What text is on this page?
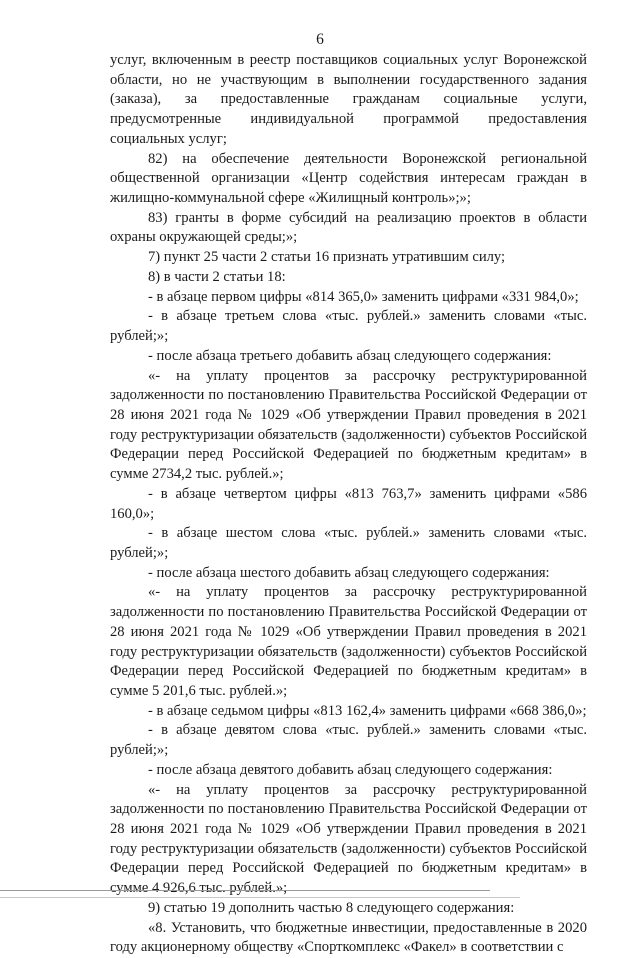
6

услуг, включенным в реестр поставщиков социальных услуг Воронежской области, но не участвующим в выполнении государственного задания (заказа), за предоставленные гражданам социальные услуги, предусмотренные индивидуальной программой предоставления социальных услуг;

82) на обеспечение деятельности Воронежской региональной общественной организации «Центр содействия интересам граждан в жилищно-коммунальной сфере «Жилищный контроль»;»;

83) гранты в форме субсидий на реализацию проектов в области охраны окружающей среды;»;

7) пункт 25 части 2 статьи 16 признать утратившим силу;

8) в части 2 статьи 18:

- в абзаце первом цифры «814 365,0» заменить цифрами «331 984,0»;

- в абзаце третьем слова «тыс. рублей.» заменить словами «тыс. рублей;»;

- после абзаца третьего добавить абзац следующего содержания:

«- на уплату процентов за рассрочку реструктурированной задолженности по постановлению Правительства Российской Федерации от 28 июня 2021 года № 1029 «Об утверждении Правил проведения в 2021 году реструктуризации обязательств (задолженности) субъектов Российской Федерации перед Российской Федерацией по бюджетным кредитам» в сумме 2734,2 тыс. рублей.»;

- в абзаце четвертом цифры «813 763,7» заменить цифрами «586 160,0»;

- в абзаце шестом слова «тыс. рублей.» заменить словами «тыс. рублей;»;

- после абзаца шестого добавить абзац следующего содержания:

«- на уплату процентов за рассрочку реструктурированной задолженности по постановлению Правительства Российской Федерации от 28 июня 2021 года № 1029 «Об утверждении Правил проведения в 2021 году реструктуризации обязательств (задолженности) субъектов Российской Федерации перед Российской Федерацией по бюджетным кредитам» в сумме 5 201,6 тыс. рублей.»;

- в абзаце седьмом цифры «813 162,4» заменить цифрами «668 386,0»;

- в абзаце девятом слова «тыс. рублей.» заменить словами «тыс. рублей;»;

- после абзаца девятого добавить абзац следующего содержания:

«- на уплату процентов за рассрочку реструктурированной задолженности по постановлению Правительства Российской Федерации от 28 июня 2021 года № 1029 «Об утверждении Правил проведения в 2021 году реструктуризации обязательств (задолженности) субъектов Российской Федерации перед Российской Федерацией по бюджетным кредитам» в сумме 4 926,6 тыс. рублей.»;

9) статью 19 дополнить частью 8 следующего содержания:

«8. Установить, что бюджетные инвестиции, предоставленные в 2020 году акционерному обществу «Спорткомплекс «Факел» в соответствии с
